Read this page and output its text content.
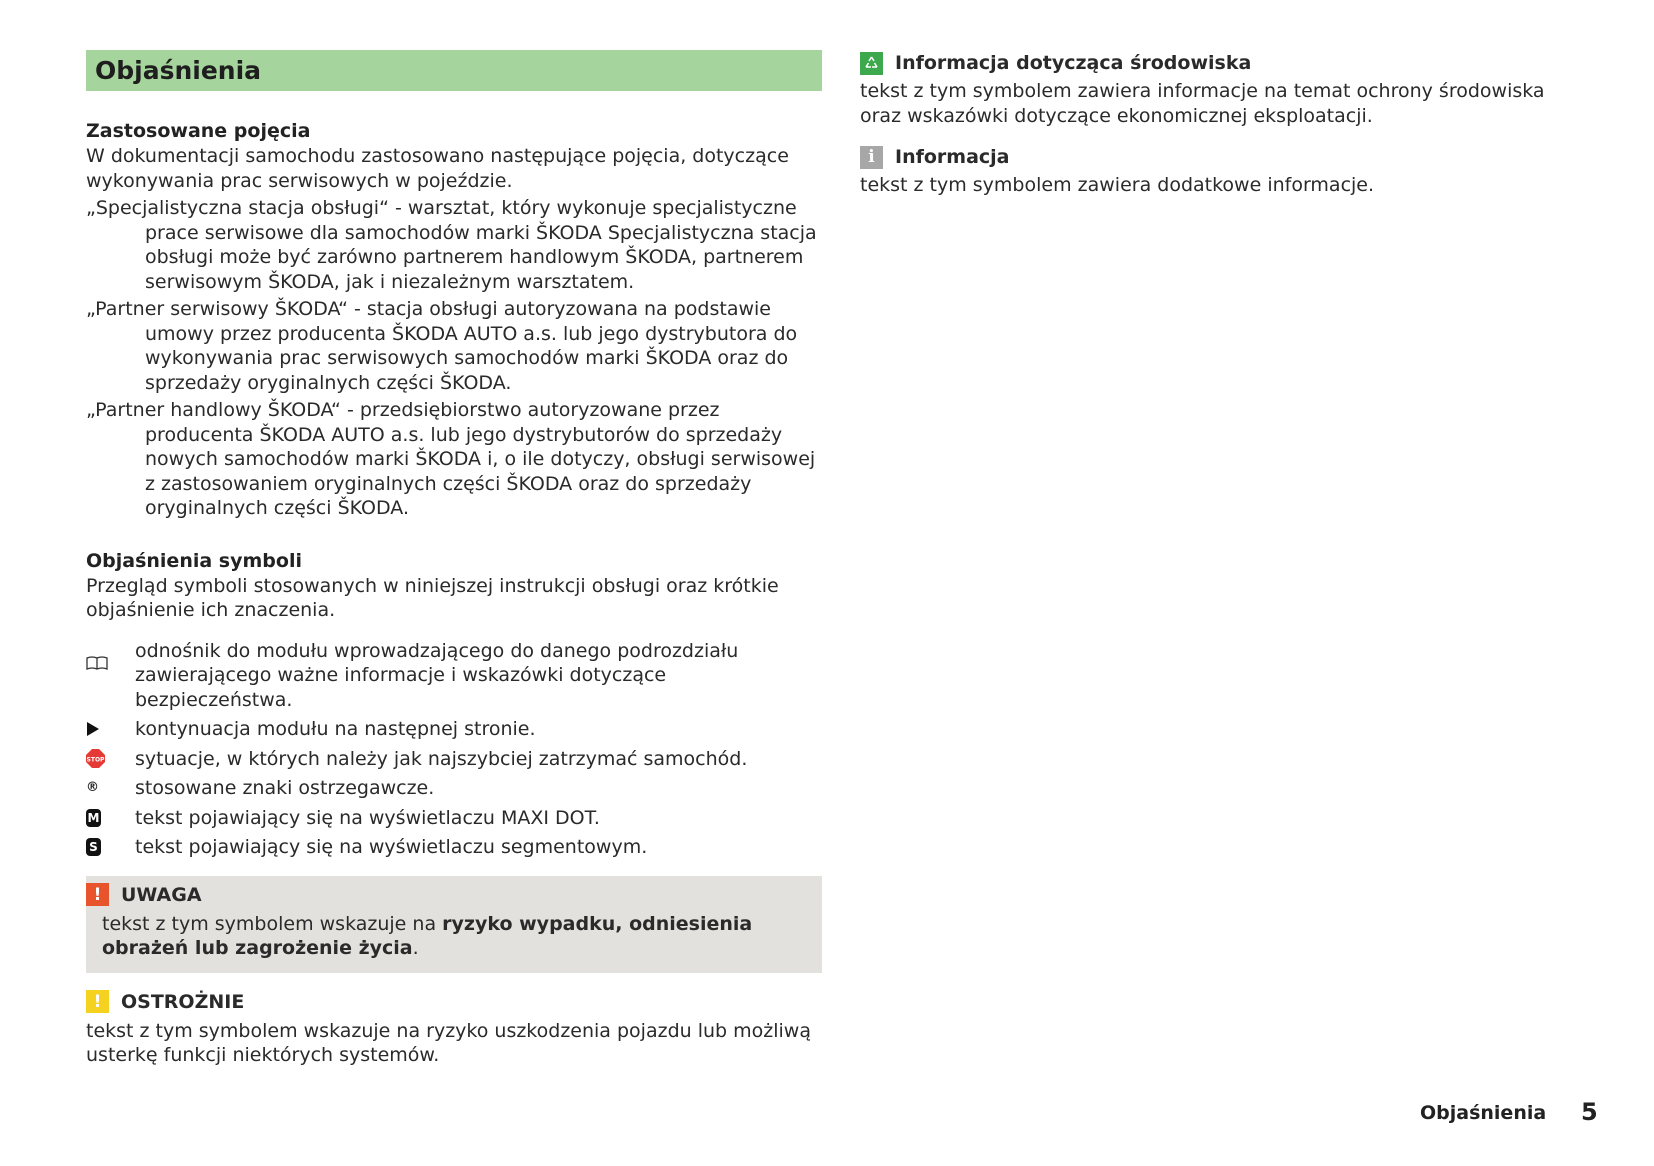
Objaśnienia
Zastosowane pojęcia

W dokumentacji samochodu zastosowano następujące pojęcia, dotyczące wykonywania prac serwisowych w pojeździe.

„Specjalistyczna stacja obsługi“ - warsztat, który wykonuje specjalistyczne prace serwisowe dla samochodów marki ŠKODA Specjalistyczna stacja obsługi może być zarówno partnerem handlowym ŠKODA, partnerem serwisowym ŠKODA, jak i niezależnym warsztatem.
„Partner serwisowy ŠKODA“ - stacja obsługi autoryzowana na podstawie umowy przez producenta ŠKODA AUTO a.s. lub jego dystrybutora do wykonywania prac serwisowych samochodów marki ŠKODA oraz do sprzedaży oryginalnych części ŠKODA.
„Partner handlowy ŠKODA“ - przedsiębiorstwo autoryzowane przez producenta ŠKODA AUTO a.s. lub jego dystrybutorów do sprzedaży nowych samochodów marki ŠKODA i, o ile dotyczy, obsługi serwisowej z zastosowaniem oryginalnych części ŠKODA oraz do sprzedaży oryginalnych części ŠKODA.
Objaśnienia symboli

Przegląd symboli stosowanych w niniejszej instrukcji obsługi oraz krótkie objaśnienie ich znaczenia.

odnośnik do modułu wprowadzającego do danego podrozdziału zawierającego ważne informacje i wskazówki dotyczące bezpieczeństwa.
kontynuacja modułu na następnej stronie.
STOP sytuacje, w których należy jak najszybciej zatrzymać samochód.
® stosowane znaki ostrzegawcze.
M tekst pojawiający się na wyświetlaczu MAXI DOT.
S tekst pojawiający się na wyświetlaczu segmentowym.
!	UWAGA

tekst z tym symbolem wskazuje na ryzyko wypadku, odniesienia obrażeń lub zagrożenie życia.

!	OSTROŻNIE

tekst z tym symbolem wskazuje na ryzyko uszkodzenia pojazdu lub możliwą usterkę funkcji niektórych systemów.

Informacja dotycząca środowiska

tekst z tym symbolem zawiera informacje na temat ochrony środowiska oraz wskazówki dotyczące ekonomicznej eksploatacji.

i	Informacja

tekst z tym symbolem zawiera dodatkowe informacje.

Objaśnienia 5
